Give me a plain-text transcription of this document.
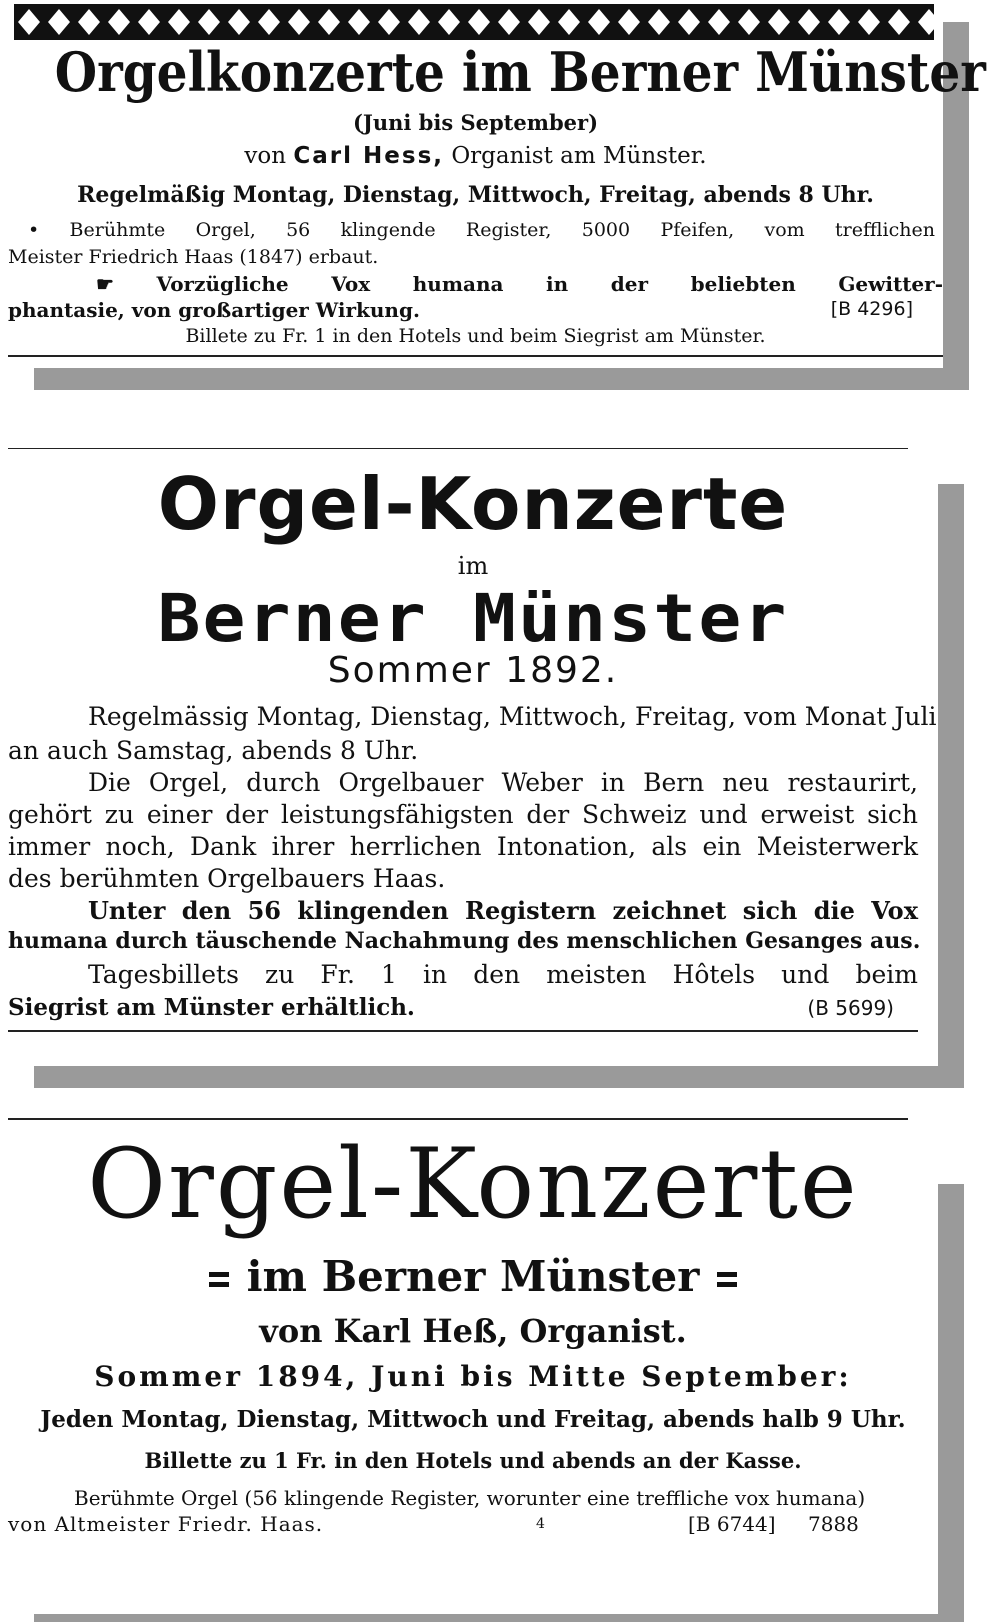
Orgelkonzerte im Berner Münster
(Juni bis September)
von Carl Hess, Organist am Münster.
Regelmäßig Montag, Dienstag, Mittwoch, Freitag, abends 8 Uhr.
• Berühmte Orgel, 56 klingende Register, 5000 Pfeifen, vom trefflichen
Meister Friedrich Haas (1847) erbaut.
☛ Vorzügliche Vox humana in der beliebten Gewitter-
phantasie, von großartiger Wirkung.	[B 4296]
Billete zu Fr. 1 in den Hotels und beim Siegrist am Münster.
Orgel-Konzerte
im
Berner Münster
Sommer 1892.
Regelmässig Montag, Dienstag, Mittwoch, Freitag, vom Monat Juli
an auch Samstag, abends 8 Uhr.
Die Orgel, durch Orgelbauer Weber in Bern neu restaurirt,
gehört zu einer der leistungsfähigsten der Schweiz und erweist sich
immer noch, Dank ihrer herrlichen Intonation, als ein Meisterwerk
des berühmten Orgelbauers Haas.
Unter den 56 klingenden Registern zeichnet sich die Vox
humana durch täuschende Nachahmung des menschlichen Gesanges aus.
Tagesbillets zu Fr. 1 in den meisten Hôtels und beim
Siegrist am Münster erhältlich.	(B 5699)
Orgel-Konzerte
im Berner Münster
von Karl Heß, Organist.
Sommer 1894, Juni bis Mitte September:
Jeden Montag, Dienstag, Mittwoch und Freitag, abends halb 9 Uhr.
Billette zu 1 Fr. in den Hotels und abends an der Kasse.
Berühmte Orgel (56 klingende Register, worunter eine treffliche vox humana)
von Altmeister Friedr. Haas.	4	[B 6744] 7888
